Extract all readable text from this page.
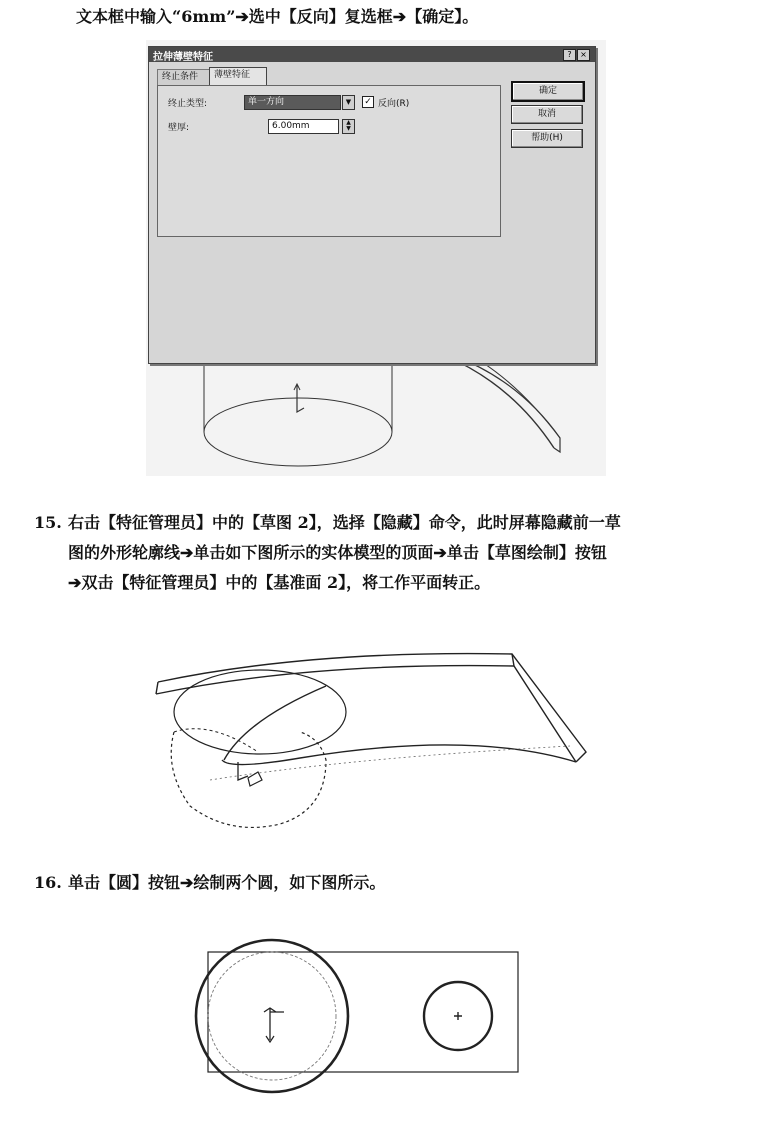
文本框中输入“6mm”➔选中【反向】复选框➔【确定】。

拉伸薄壁特征	?	×
终止条件	薄壁特征
终止类型:	单一方向	▼	✓ 反向(R)
壁厚:	6.00mm	▲
▼
确定
取消
帮助(H)
15. 右击【特征管理员】中的【草图 2】，选择【隐藏】命令，此时屏幕隐藏前一草
图的外形轮廓线➔单击如下图所示的实体模型的顶面➔单击【草图绘制】按钮
➔双击【特征管理员】中的【基准面 2】，将工作平面转正。
16. 单击【圆】按钮➔绘制两个圆，如下图所示。
